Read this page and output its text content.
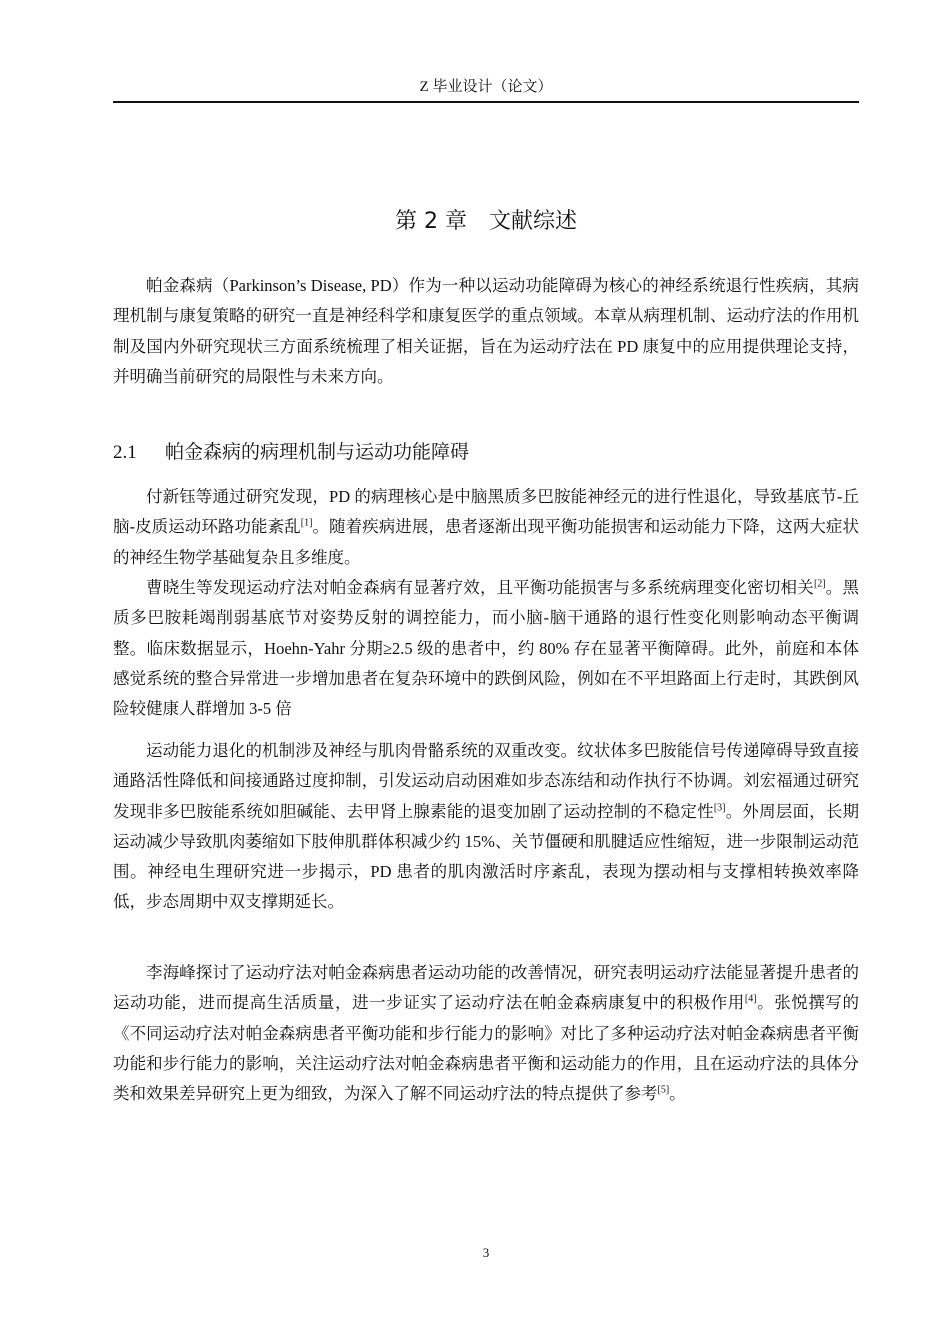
Z 毕业设计（论文）
第 2 章 文献综述

帕金森病（Parkinson’s Disease, PD）作为一种以运动功能障碍为核心的神经系统退行性疾病，其病理机制与康复策略的研究一直是神经科学和康复医学的重点领域。本章从病理机制、运动疗法的作用机制及国内外研究现状三方面系统梳理了相关证据，旨在为运动疗法在 PD 康复中的应用提供理论支持，并明确当前研究的局限性与未来方向。

2.1 帕金森病的病理机制与运动功能障碍

付新钰等通过研究发现，PD 的病理核心是中脑黑质多巴胺能神经元的进行性退化，导致基底节-丘脑-皮质运动环路功能紊乱[1]。随着疾病进展，患者逐渐出现平衡功能损害和运动能力下降，这两大症状的神经生物学基础复杂且多维度。

曹晓生等发现运动疗法对帕金森病有显著疗效，且平衡功能损害与多系统病理变化密切相关[2]。黑质多巴胺耗竭削弱基底节对姿势反射的调控能力，而小脑-脑干通路的退行性变化则影响动态平衡调整。临床数据显示，Hoehn-Yahr 分期≥2.5 级的患者中，约 80% 存在显著平衡障碍。此外，前庭和本体感觉系统的整合异常进一步增加患者在复杂环境中的跌倒风险，例如在不平坦路面上行走时，其跌倒风险较健康人群增加 3-5 倍

运动能力退化的机制涉及神经与肌肉骨骼系统的双重改变。纹状体多巴胺能信号传递障碍导致直接通路活性降低和间接通路过度抑制，引发运动启动困难如步态冻结和动作执行不协调。刘宏福通过研究发现非多巴胺能系统如胆碱能、去甲肾上腺素能的退变加剧了运动控制的不稳定性[3]。外周层面，长期运动减少导致肌肉萎缩如下肢伸肌群体积减少约 15%、关节僵硬和肌腱适应性缩短，进一步限制运动范围。神经电生理研究进一步揭示，PD 患者的肌肉激活时序紊乱，表现为摆动相与支撑相转换效率降低，步态周期中双支撑期延长。

李海峰探讨了运动疗法对帕金森病患者运动功能的改善情况，研究表明运动疗法能显著提升患者的运动功能，进而提高生活质量，进一步证实了运动疗法在帕金森病康复中的积极作用[4]。张悦撰写的《不同运动疗法对帕金森病患者平衡功能和步行能力的影响》对比了多种运动疗法对帕金森病患者平衡功能和步行能力的影响，关注运动疗法对帕金森病患者平衡和运动能力的作用，且在运动疗法的具体分类和效果差异研究上更为细致，为深入了解不同运动疗法的特点提供了参考[5]。

3
